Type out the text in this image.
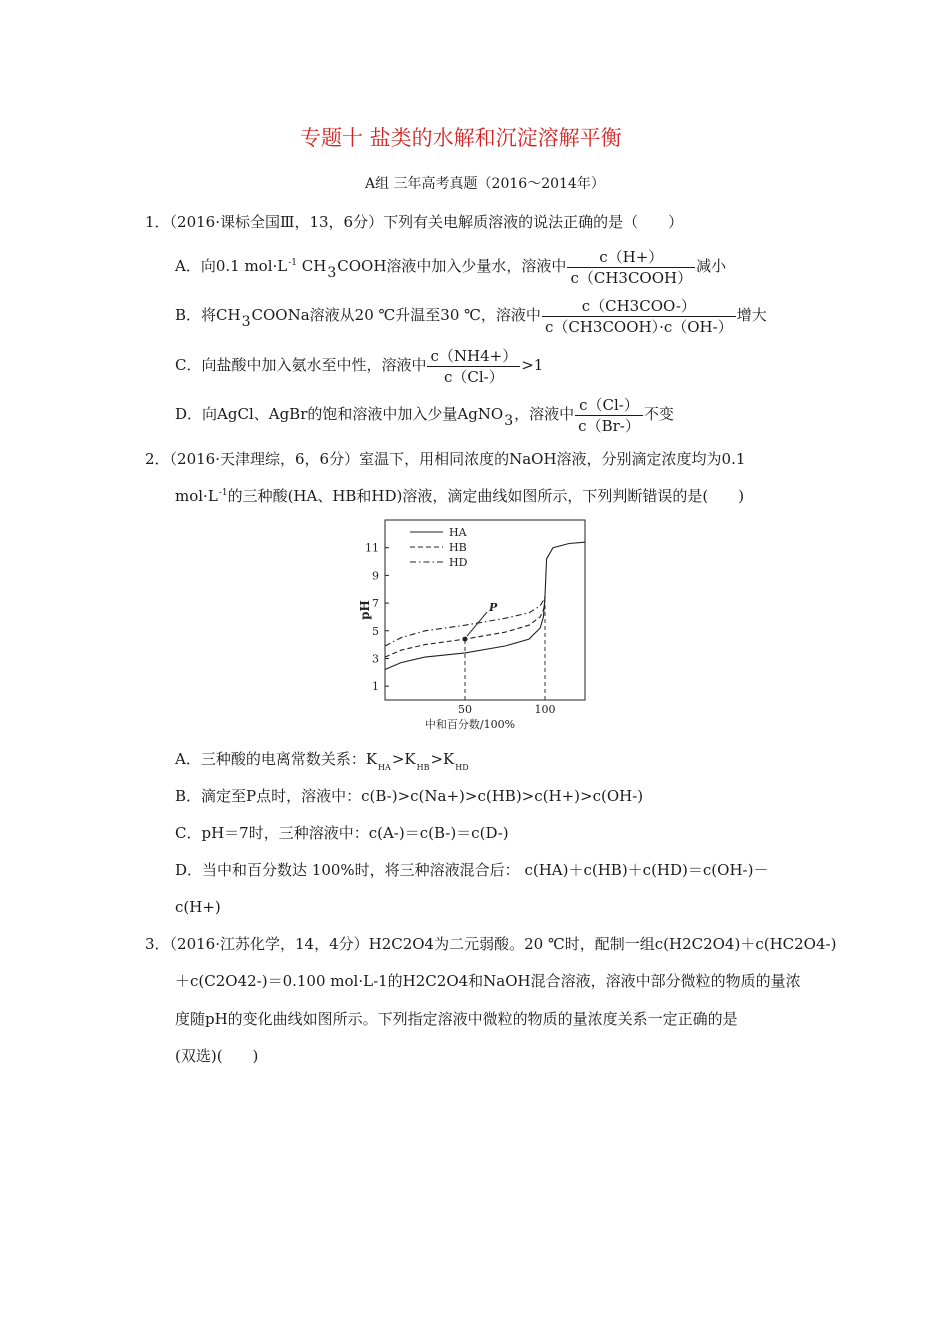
专题十 盐类的水解和沉淀溶解平衡
A组 三年高考真题（2016～2014年）
1．（2016·课标全国Ⅲ，13，6分）下列有关电解质溶液的说法正确的是（　　）
A．向0.1 $mol\cdot L^{-1}$ CH3COOH溶液中加入少量水，溶液中 $\frac{c(H+)}{\text{c（CH3COOH）}}$ 减小
B．将CH3COONa溶液从20 ℃升温至30 ℃，溶液中 $\frac{\text{c（CH3COO-）}}{\text{c（CH3COOH）·c（OH-）}}$ 增大
C．向盐酸中加入氨水至中性，溶液中 $\frac{c(NH4+)}{c(Cl-)} >1$
D．向AgCl、AgBr的饱和溶液中加入少量AgNO3，溶液中 $\frac{c(Cl-)}{c(Br-)}$ 不变
2．（2016·天津理综，6，6分）室温下，用相同浓度的NaOH溶液，分别滴定浓度均为0.1
$mol\cdot L^{-1}$的三种酸(HA、HB和HD)溶液，滴定曲线如图所示，下列判断错误的是(　　)
1
3
5
7
9
11
50	100
中和百分数/100%
pH
HA
HB
HD
P
A．三种酸的电离常数关系：$K_{HA}>K_{HB}>K_{HD}$
B．滴定至P点时，溶液中：c(B-)>c(Na+)>c(HB)>c(H+)>c(OH-)
C．pH＝7时，三种溶液中：c(A-)＝c(B-)＝c(D-)
D．当中和百分数达 100%时，将三种溶液混合后： c(HA)＋c(HB)＋c(HD)＝c(OH-)－
c(H+)
3．（2016·江苏化学，14，4分）H2C2O4为二元弱酸。20 ℃时，配制一组c(H2C2O4)＋c(HC2O4-)
＋c(C2O42-)＝0.100 mol·L-1的H2C2O4和NaOH混合溶液，溶液中部分微粒的物质的量浓
度随pH的变化曲线如图所示。下列指定溶液中微粒的物质的量浓度关系一定正确的是
(双选)(　　)
